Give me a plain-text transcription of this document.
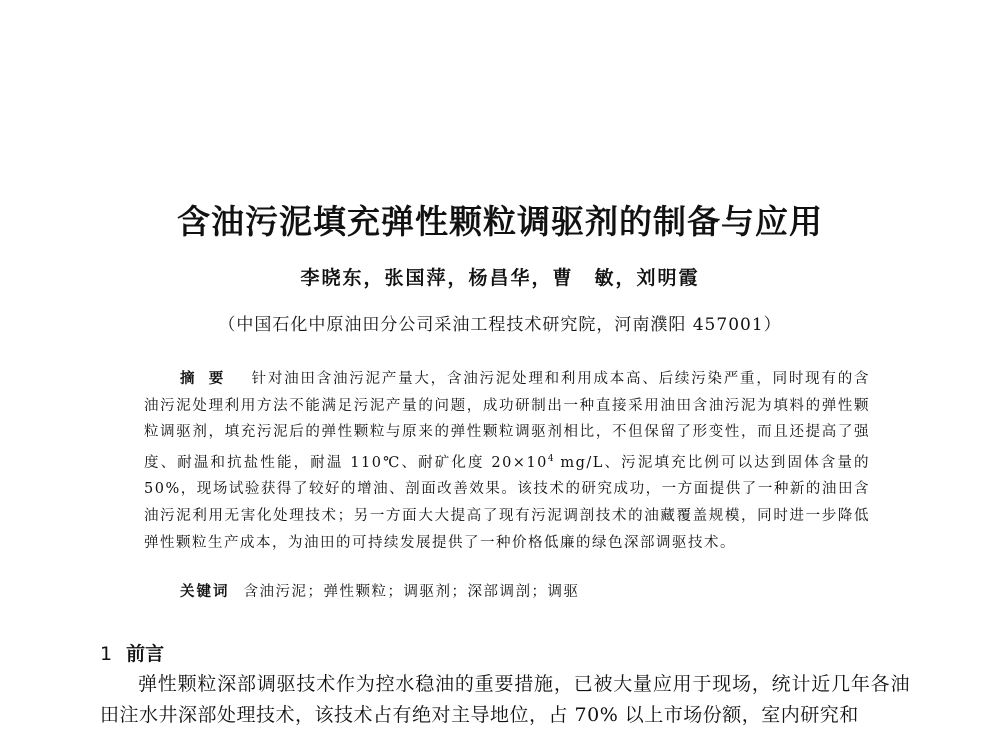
含油污泥填充弹性颗粒调驱剂的制备与应用
李晓东，张国萍，杨昌华，曹　敏，刘明霞
（中国石化中原油田分公司采油工程技术研究院，河南濮阳 457001）

摘要 针对油田含油污泥产量大，含油污泥处理和利用成本高、后续污染严重，同时现有的含油污泥处理利用方法不能满足污泥产量的问题，成功研制出一种直接采用油田含油污泥为填料的弹性颗粒调驱剂，填充污泥后的弹性颗粒与原来的弹性颗粒调驱剂相比，不但保留了形变性，而且还提高了强度、耐温和抗盐性能，耐温 110℃、耐矿化度 $20\times 10^4$ mg/L、污泥填充比例可以达到固体含量的 50%，现场试验获得了较好的增油、剖面改善效果。该技术的研究成功，一方面提供了一种新的油田含油污泥利用无害化处理技术；另一方面大大提高了现有污泥调剖技术的油藏覆盖规模，同时进一步降低弹性颗粒生产成本，为油田的可持续发展提供了一种价格低廉的绿色深部调驱技术。

关键词 含油污泥；弹性颗粒；调驱剂；深部调剖；调驱
1 前言

弹性颗粒深部调驱技术作为控水稳油的重要措施，已被大量应用于现场，统计近几年各油田注水井深部处理技术，该技术占有绝对主导地位，占 70% 以上市场份额，室内研究和
